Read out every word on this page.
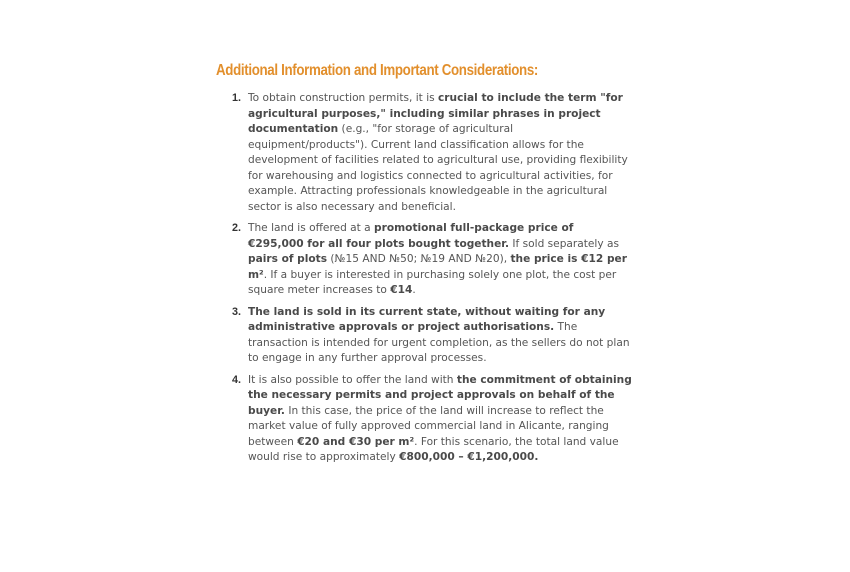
Additional Information and Important Considerations:
1. To obtain construction permits, it is crucial to include the term "for agricultural purposes," including similar phrases in project documentation (e.g., "for storage of agricultural equipment/products"). Current land classification allows for the development of facilities related to agricultural use, providing flexibility for warehousing and logistics connected to agricultural activities, for example. Attracting professionals knowledgeable in the agricultural sector is also necessary and beneficial.
2. The land is offered at a promotional full-package price of €295,000 for all four plots bought together. If sold separately as pairs of plots (№15 AND №50; №19 AND №20), the price is €12 per m². If a buyer is interested in purchasing solely one plot, the cost per square meter increases to €14.
3. The land is sold in its current state, without waiting for any administrative approvals or project authorisations. The transaction is intended for urgent completion, as the sellers do not plan to engage in any further approval processes.
4. It is also possible to offer the land with the commitment of obtaining the necessary permits and project approvals on behalf of the buyer. In this case, the price of the land will increase to reflect the market value of fully approved commercial land in Alicante, ranging between €20 and €30 per m². For this scenario, the total land value would rise to approximately €800,000 – €1,200,000.
